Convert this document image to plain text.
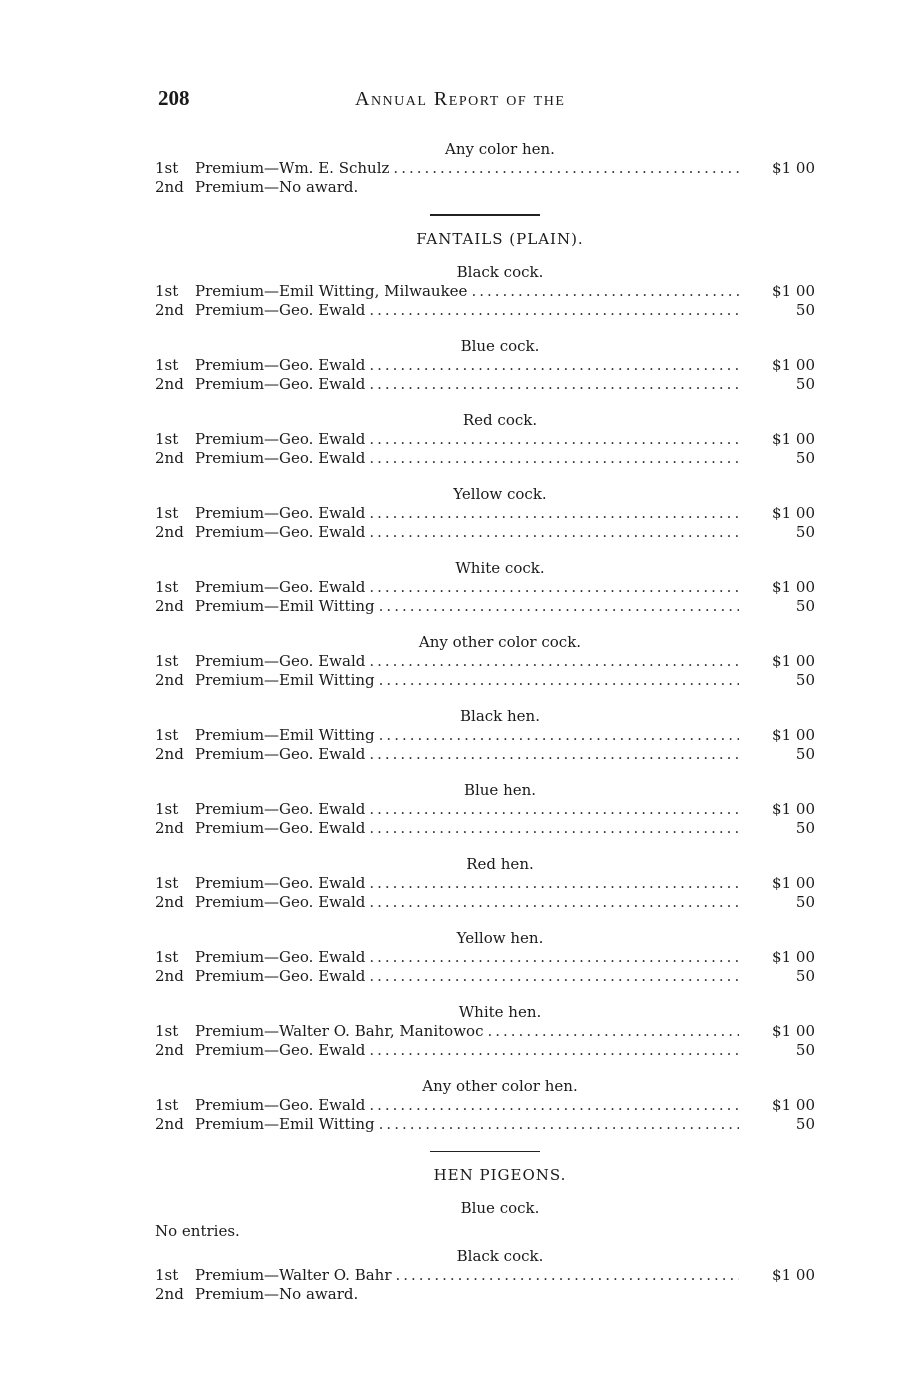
208	Annual Report of the
Any color hen.
1st	Premium—Wm. E. Schulz .....	$1 00
2nd Premium—No award.
FANTAILS (PLAIN).
Black cock.
1st	Premium—Emil Witting, Milwaukee .....	$1 00
2nd Premium—Geo. Ewald .....	50
Blue cock.
1st	Premium—Geo. Ewald .....	$1 00
2nd Premium—Geo. Ewald .....	50
Red cock.
1st	Premium—Geo. Ewald .....	$1 00
2nd Premium—Geo. Ewald .....	50
Yellow cock.
1st	Premium—Geo. Ewald .....	$1 00
2nd Premium—Geo. Ewald .....	50
White cock.
1st	Premium—Geo. Ewald .....	$1 00
2nd Premium—Emil Witting .....	50
Any other color cock.
1st	Premium—Geo. Ewald .....	$1 00
2nd Premium—Emil Witting .....	50
Black hen.
1st	Premium—Emil Witting .....	$1 00
2nd Premium—Geo. Ewald .....	50
Blue hen.
1st	Premium—Geo. Ewald .....	$1 00
2nd Premium—Geo. Ewald .....	50
Red hen.
1st	Premium—Geo. Ewald .....	$1 00
2nd Premium—Geo. Ewald .....	50
Yellow hen.
1st	Premium—Geo. Ewald .....	$1 00
2nd Premium—Geo. Ewald .....	50
White hen.
1st	Premium—Walter O. Bahr, Manitowoc .....	$1 00
2nd Premium—Geo. Ewald .....	50
Any other color hen.
1st	Premium—Geo. Ewald .....	$1 00
2nd Premium—Emil Witting .....	50
HEN PIGEONS.
Blue cock.
No entries.
Black cock.
1st	Premium—Walter O. Bahr .....	$1 00
2nd Premium—No award.
